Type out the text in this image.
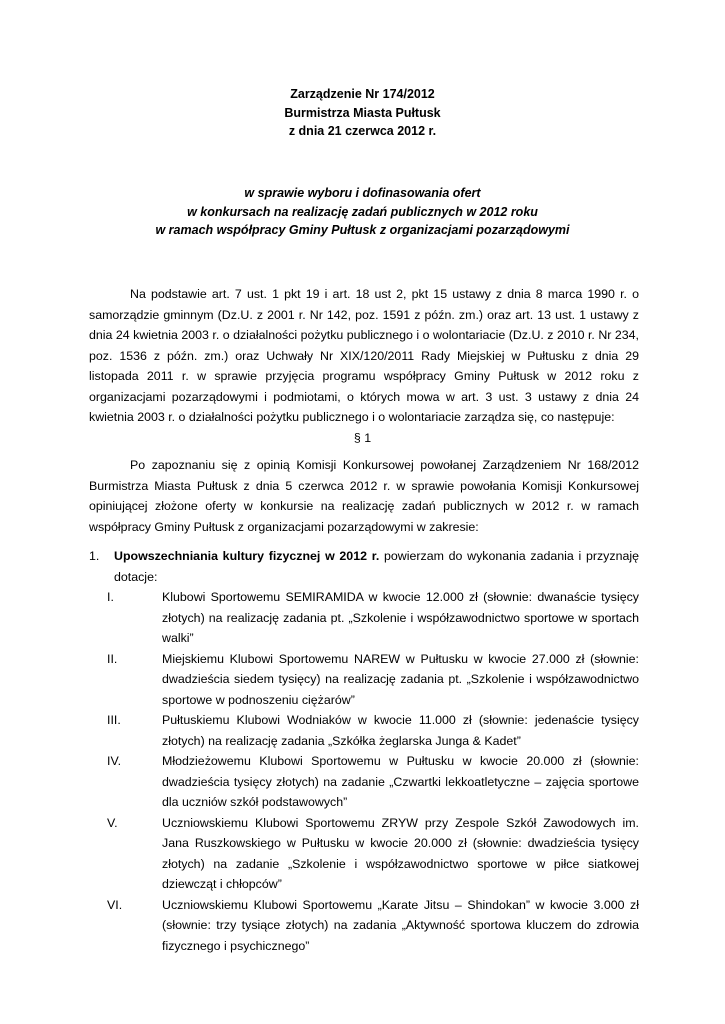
Zarządzenie Nr 174/2012
Burmistrza Miasta Pułtusk
z dnia 21 czerwca 2012 r.
w sprawie wyboru i dofinasowania ofert
w konkursach na realizację zadań publicznych w 2012 roku
w ramach współpracy Gminy Pułtusk z organizacjami pozarządowymi
Na podstawie art. 7 ust. 1 pkt 19 i art. 18 ust 2, pkt 15 ustawy z dnia 8 marca 1990 r. o samorządzie gminnym (Dz.U. z 2001 r. Nr 142, poz. 1591 z późn. zm.) oraz art. 13 ust. 1 ustawy z dnia 24 kwietnia 2003 r. o działalności pożytku publicznego i o wolontariacie (Dz.U. z 2010 r. Nr 234, poz. 1536 z późn. zm.) oraz Uchwały Nr XIX/120/2011 Rady Miejskiej w Pułtusku z dnia 29 listopada 2011 r. w sprawie przyjęcia programu współpracy Gminy Pułtusk w 2012 roku z organizacjami pozarządowymi i podmiotami, o których mowa w art. 3 ust. 3 ustawy z dnia 24 kwietnia 2003 r. o działalności pożytku publicznego i o wolontariacie zarządza się, co następuje:
§ 1
Po zapoznaniu się z opinią Komisji Konkursowej powołanej Zarządzeniem Nr 168/2012 Burmistrza Miasta Pułtusk z dnia 5 czerwca 2012 r. w sprawie powołania Komisji Konkursowej opiniującej złożone oferty w konkursie na realizację zadań publicznych w 2012 r. w ramach współpracy Gminy Pułtusk z organizacjami pozarządowymi w zakresie:
1. Upowszechniania kultury fizycznej w 2012 r. powierzam do wykonania zadania i przyznaję dotacje:
I.	Klubowi Sportowemu SEMIRAMIDA w kwocie 12.000 zł (słownie: dwanaście tysięcy złotych) na realizację zadania pt. „Szkolenie i współzawodnictwo sportowe w sportach walki”
II.	Miejskiemu Klubowi Sportowemu NAREW w Pułtusku w kwocie 27.000 zł (słownie: dwadzieścia siedem tysięcy) na realizację zadania pt. „Szkolenie i współzawodnictwo sportowe w podnoszeniu ciężarów”
III.	Pułtuskiemu Klubowi Wodniaków w kwocie 11.000 zł (słownie: jedenaście tysięcy złotych) na realizację zadania „Szkółka żeglarska Junga & Kadet”
IV.	Młodzieżowemu Klubowi Sportowemu w Pułtusku w kwocie 20.000 zł (słownie: dwadzieścia tysięcy złotych) na zadanie „Czwartki lekkoatletyczne – zajęcia sportowe dla uczniów szkół podstawowych”
V.	Uczniowskiemu Klubowi Sportowemu ZRYW przy Zespole Szkół Zawodowych im. Jana Ruszkowskiego w Pułtusku w kwocie 20.000 zł (słownie: dwadzieścia tysięcy złotych) na zadanie „Szkolenie i współzawodnictwo sportowe w piłce siatkowej dziewcząt i chłopców”
VI.	Uczniowskiemu Klubowi Sportowemu „Karate Jitsu – Shindokan” w kwocie 3.000 zł (słownie: trzy tysiące złotych) na zadania „Aktywność sportowa kluczem do zdrowia fizycznego i psychicznego”
